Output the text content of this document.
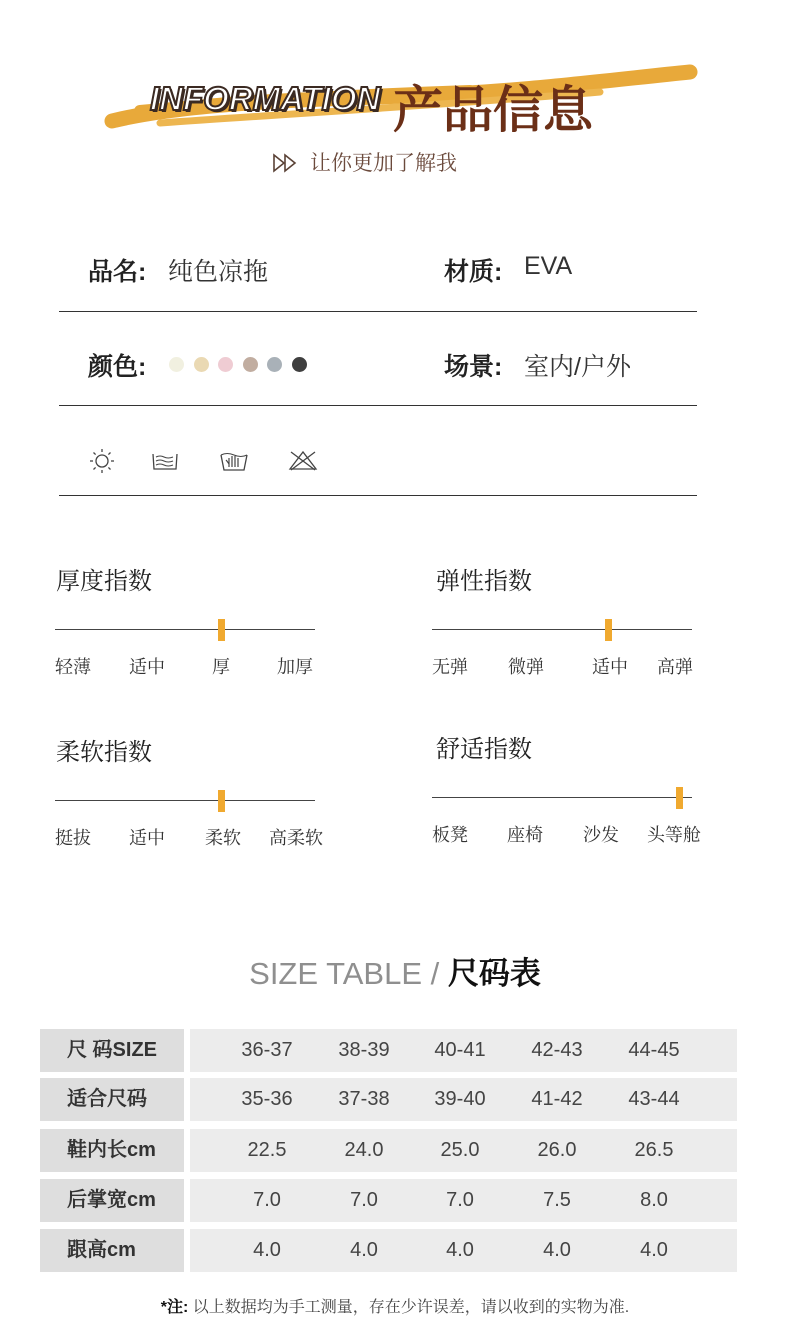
INFORMATION 产品信息
让你更加了解我
品名: 纯色凉拖	材质: EVA
颜色:	场景: 室内/户外
厚度指数
轻薄 适中	厚	加厚
弹性指数
无弹 微弹	适中 高弹
柔软指数
挺拔 适中 柔软 高柔软
舒适指数
板凳 座椅 沙发 头等舱
SIZE TABLE / 尺码表
尺 码SIZE	36-37	38-39	40-41	42-43	44-45
适合尺码	35-36	37-38	39-40	41-42	43-44
鞋内长cm	22.5	24.0	25.0	26.0	26.5
后掌宽cm	7.0	7.0	7.0	7.5	8.0
跟高cm	4.0	4.0	4.0	4.0	4.0
*注: 以上数据均为手工测量，存在少许误差，请以收到的实物为准.
